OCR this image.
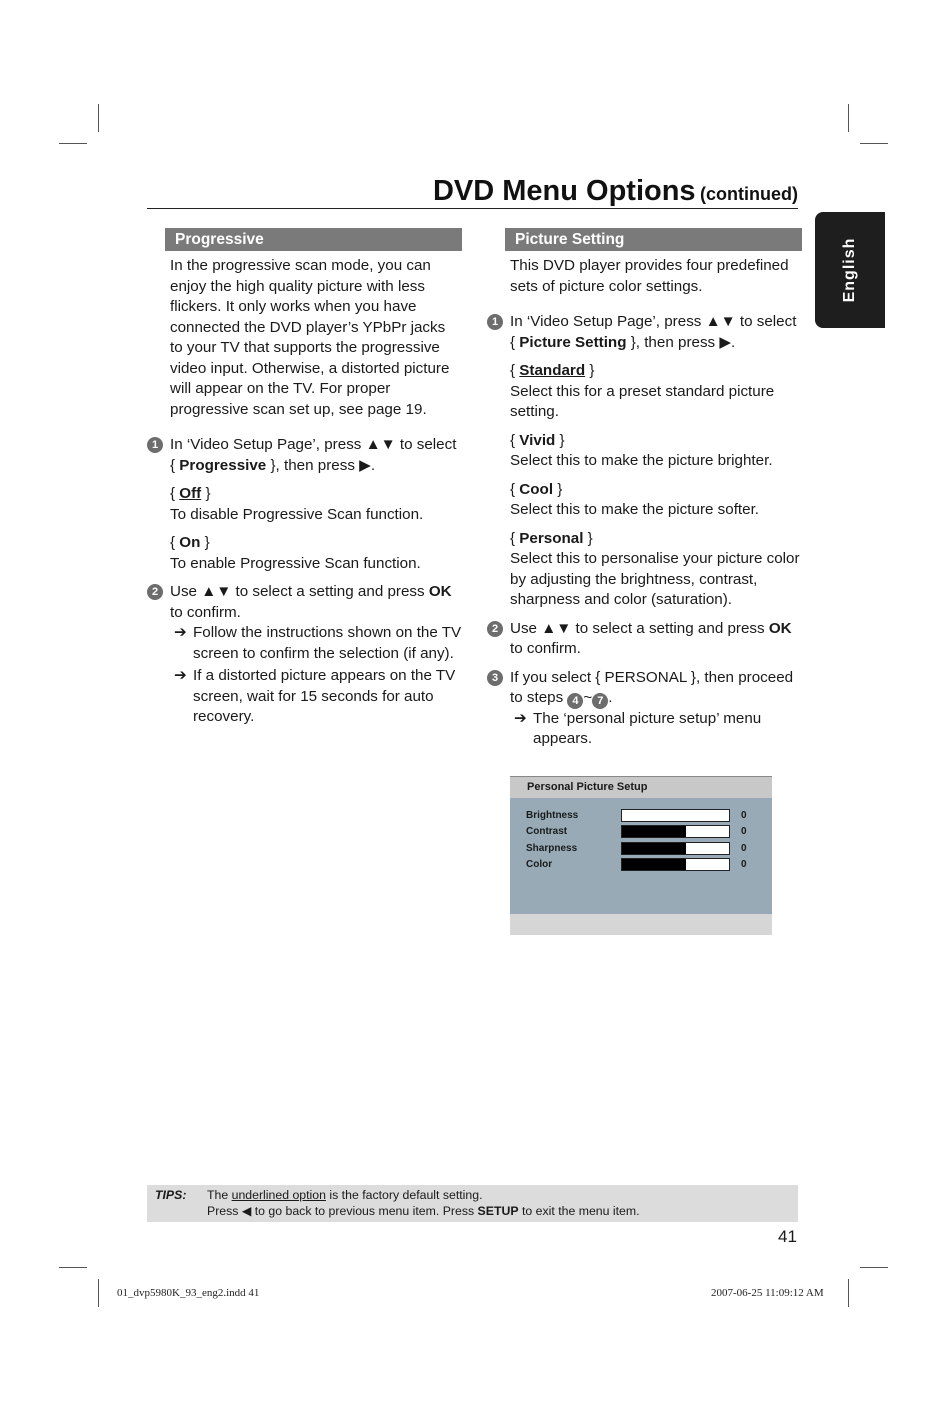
DVD Menu Options (continued)
English
Progressive
In the progressive scan mode, you can enjoy the high quality picture with less flickers. It only works when you have connected the DVD player’s YPbPr jacks to your TV that supports the progressive video input. Otherwise, a distorted picture will appear on the TV. For proper progressive scan set up, see page 19.
1 In ‘Video Setup Page’, press ▲▼ to select { Progressive }, then press ▶.
{ Off }
To disable Progressive Scan function.
{ On }
To enable Progressive Scan function.
2 Use ▲▼ to select a setting and press OK to confirm.
➔ Follow the instructions shown on the TV screen to confirm the selection (if any).
➔ If a distorted picture appears on the TV screen, wait for 15 seconds for auto recovery.
Picture Setting
This DVD player provides four predefined sets of picture color settings.
1 In ‘Video Setup Page’, press ▲▼ to select { Picture Setting }, then press ▶.
{ Standard }
Select this for a preset standard picture setting.
{ Vivid }
Select this to make the picture brighter.
{ Cool }
Select this to make the picture softer.
{ Personal }
Select this to personalise your picture color by adjusting the brightness, contrast, sharpness and color (saturation).
2 Use ▲▼ to select a setting and press OK to confirm.
3 If you select { PERSONAL }, then proceed to steps 4 ~ 7 .
➔ The ‘personal picture setup’ menu appears.
Personal Picture Setup
Brightness	0
Contrast	0
Sharpness	0
Color	0
TIPS: The underlined option is the factory default setting.
Press ◀ to go back to previous menu item. Press SETUP to exit the menu item.
41
01_dvp5980K_93_eng2.indd 41	2007-06-25 11:09:12 AM
